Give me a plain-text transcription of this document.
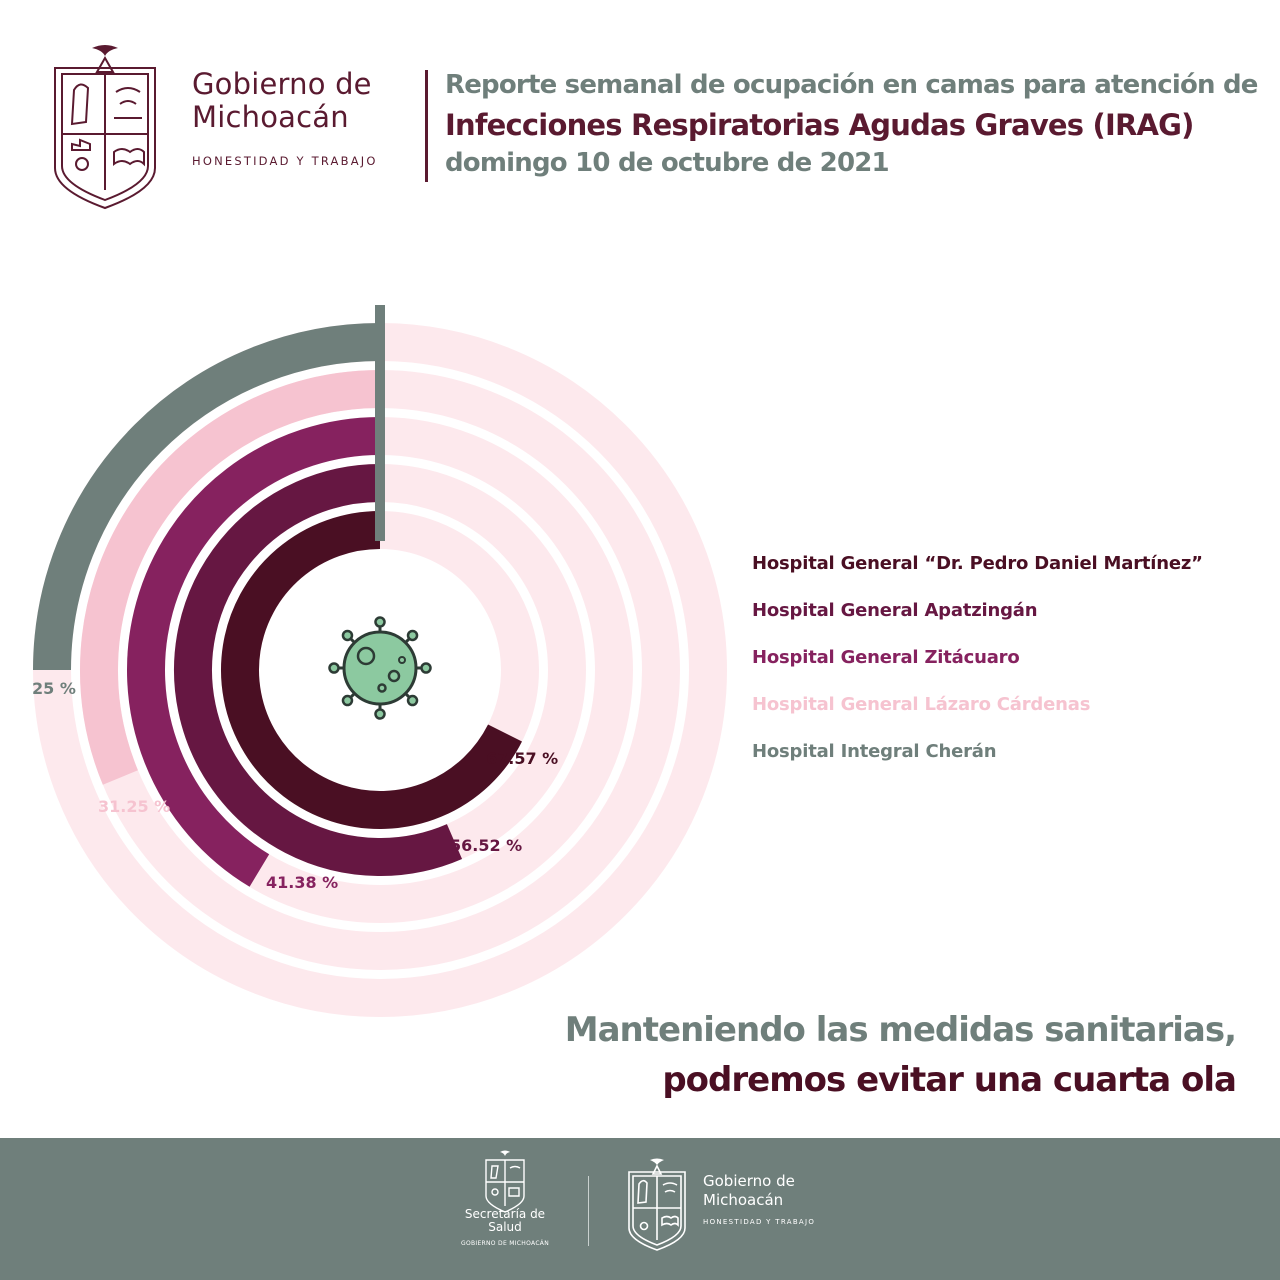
Gobierno de Michoacán
HONESTIDAD Y TRABAJO
Reporte semanal de ocupación en camas para atención de
Infecciones Respiratorias Agudas Graves (IRAG)
domingo 10 de octubre de 2021
67.57 %
56.52 %
41.38 %
31.25 %
25 %
Hospital General “Dr. Pedro Daniel Martínez”
Hospital General Apatzingán
Hospital General Zitácuaro
Hospital General Lázaro Cárdenas
Hospital Integral Cherán
Manteniendo las medidas sanitarias,
podremos evitar una cuarta ola
Secretaría de Salud
GOBIERNO DE MICHOACÁN
Gobierno de Michoacán
HONESTIDAD Y TRABAJO
